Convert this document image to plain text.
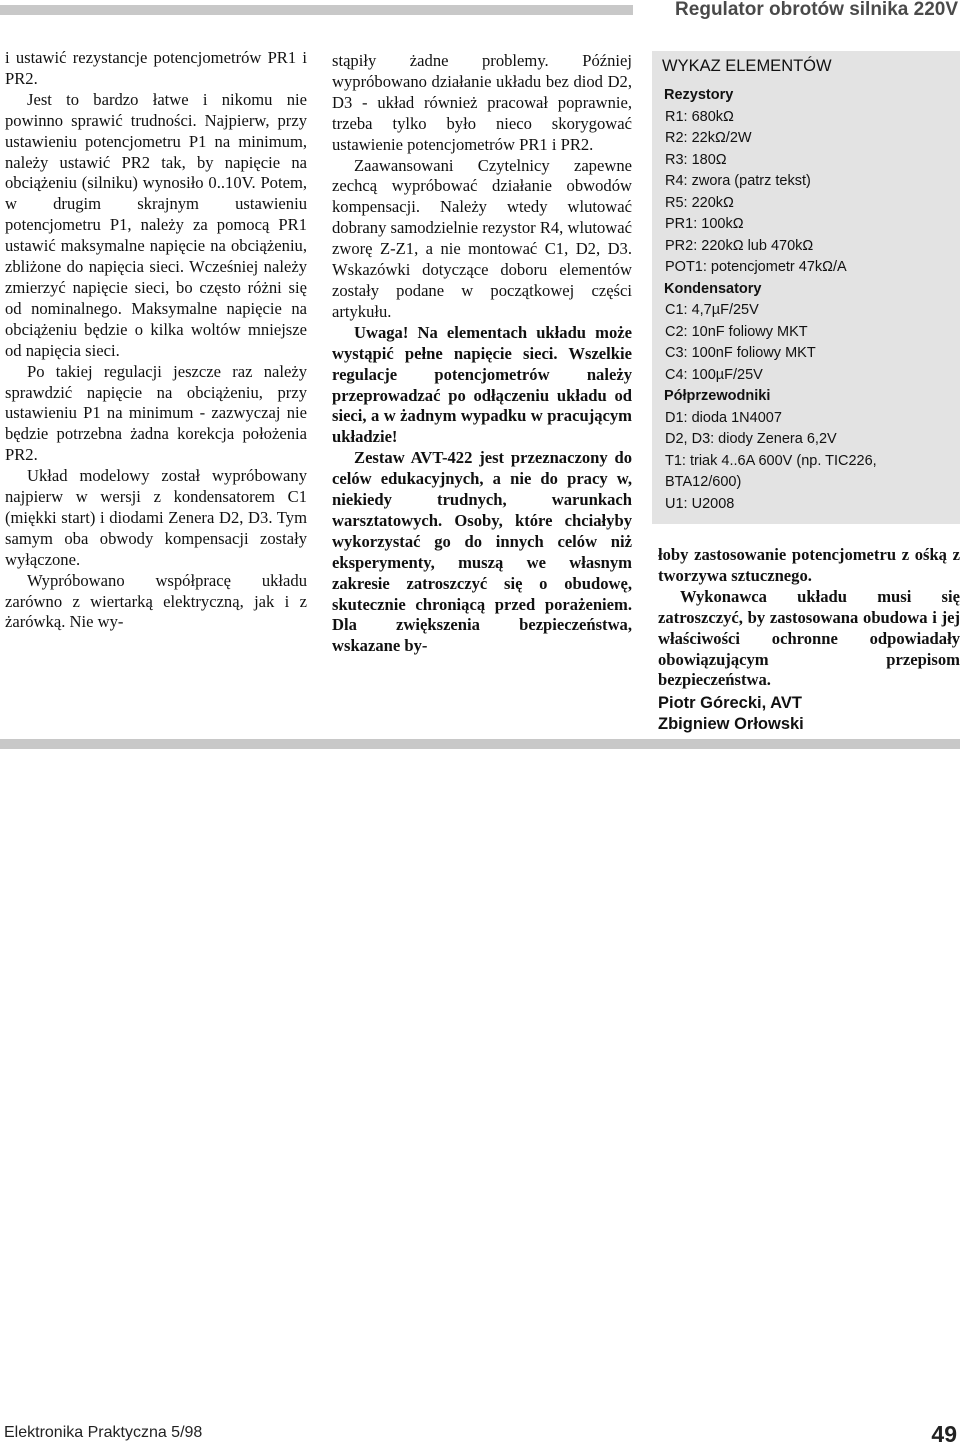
Regulator obrotów silnika 220V

i ustawić rezystancje potencjometrów PR1 i PR2.

Jest to bardzo łatwe i nikomu nie powinno sprawić trudności. Najpierw, przy ustawieniu potencjometru P1 na minimum, należy ustawić PR2 tak, by napięcie na obciążeniu (silniku) wynosiło 0..10V. Potem, w drugim skrajnym ustawieniu potencjometru P1, należy za pomocą PR1 ustawić maksymalne napięcie na obciążeniu, zbliżone do napięcia sieci. Wcześniej należy zmierzyć napięcie sieci, bo często różni się od nominalnego. Maksymalne napięcie na obciążeniu będzie o kilka woltów mniejsze od napięcia sieci.

Po takiej regulacji jeszcze raz należy sprawdzić napięcie na obciążeniu, przy ustawieniu P1 na minimum - zazwyczaj nie będzie potrzebna żadna korekcja położenia PR2.

Układ modelowy został wypróbowany najpierw w wersji z kondensatorem C1 (miękki start) i diodami Zenera D2, D3. Tym samym oba obwody kompensacji zostały wyłączone.

Wypróbowano współpracę układu zarówno z wiertarką elektryczną, jak i z żarówką. Nie wy-

stąpiły żadne problemy. Później wypróbowano działanie układu bez diod D2, D3 - układ również pracował poprawnie, trzeba tylko było nieco skorygować ustawienie potencjometrów PR1 i PR2.

Zaawansowani Czytelnicy zapewne zechcą wypróbować działanie obwodów kompensacji. Należy wtedy wlutować dobrany samodzielnie rezystor R4, wlutować zworę Z-Z1, a nie montować C1, D2, D3. Wskazówki dotyczące doboru elementów zostały podane w początkowej części artykułu.

Uwaga! Na elementach układu może wystąpić pełne napięcie sieci. Wszelkie regulacje potencjometrów należy przeprowadzać po odłączeniu układu od sieci, a w żadnym wypadku w pracującym układzie!

Zestaw AVT-422 jest przeznaczony do celów edukacyjnych, a nie do pracy w, niekiedy trudnych, warunkach warsztatowych. Osoby, które chciałyby wykorzystać go do innych celów niż eksperymenty, muszą we własnym zakresie zatroszczyć się o obudowę, skutecznie chroniącą przed porażeniem. Dla zwiększenia bezpieczeństwa, wskazane by-

WYKAZ ELEMENTÓW
Rezystory
R1: 680kΩ
R2: 22kΩ/2W
R3: 180Ω
R4: zwora (patrz tekst)
R5: 220kΩ
PR1: 100kΩ
PR2: 220kΩ lub 470kΩ
POT1: potencjometr 47kΩ/A
Kondensatory
C1: 4,7µF/25V
C2: 10nF foliowy MKT
C3: 100nF foliowy MKT
C4: 100µF/25V
Półprzewodniki
D1: dioda 1N4007
D2, D3: diody Zenera 6,2V
T1: triak 4..6A 600V (np. TIC226, BTA12/600)
U1: U2008

łoby zastosowanie potencjometru z ośką z tworzywa sztucznego.

Wykonawca układu musi się zatroszczyć, by zastosowana obudowa i jej właściwości ochronne odpowiadały obowiązującym przepisom bezpieczeństwa.

Piotr Górecki, AVT
Zbigniew Orłowski
Elektronika Praktyczna 5/98	49
